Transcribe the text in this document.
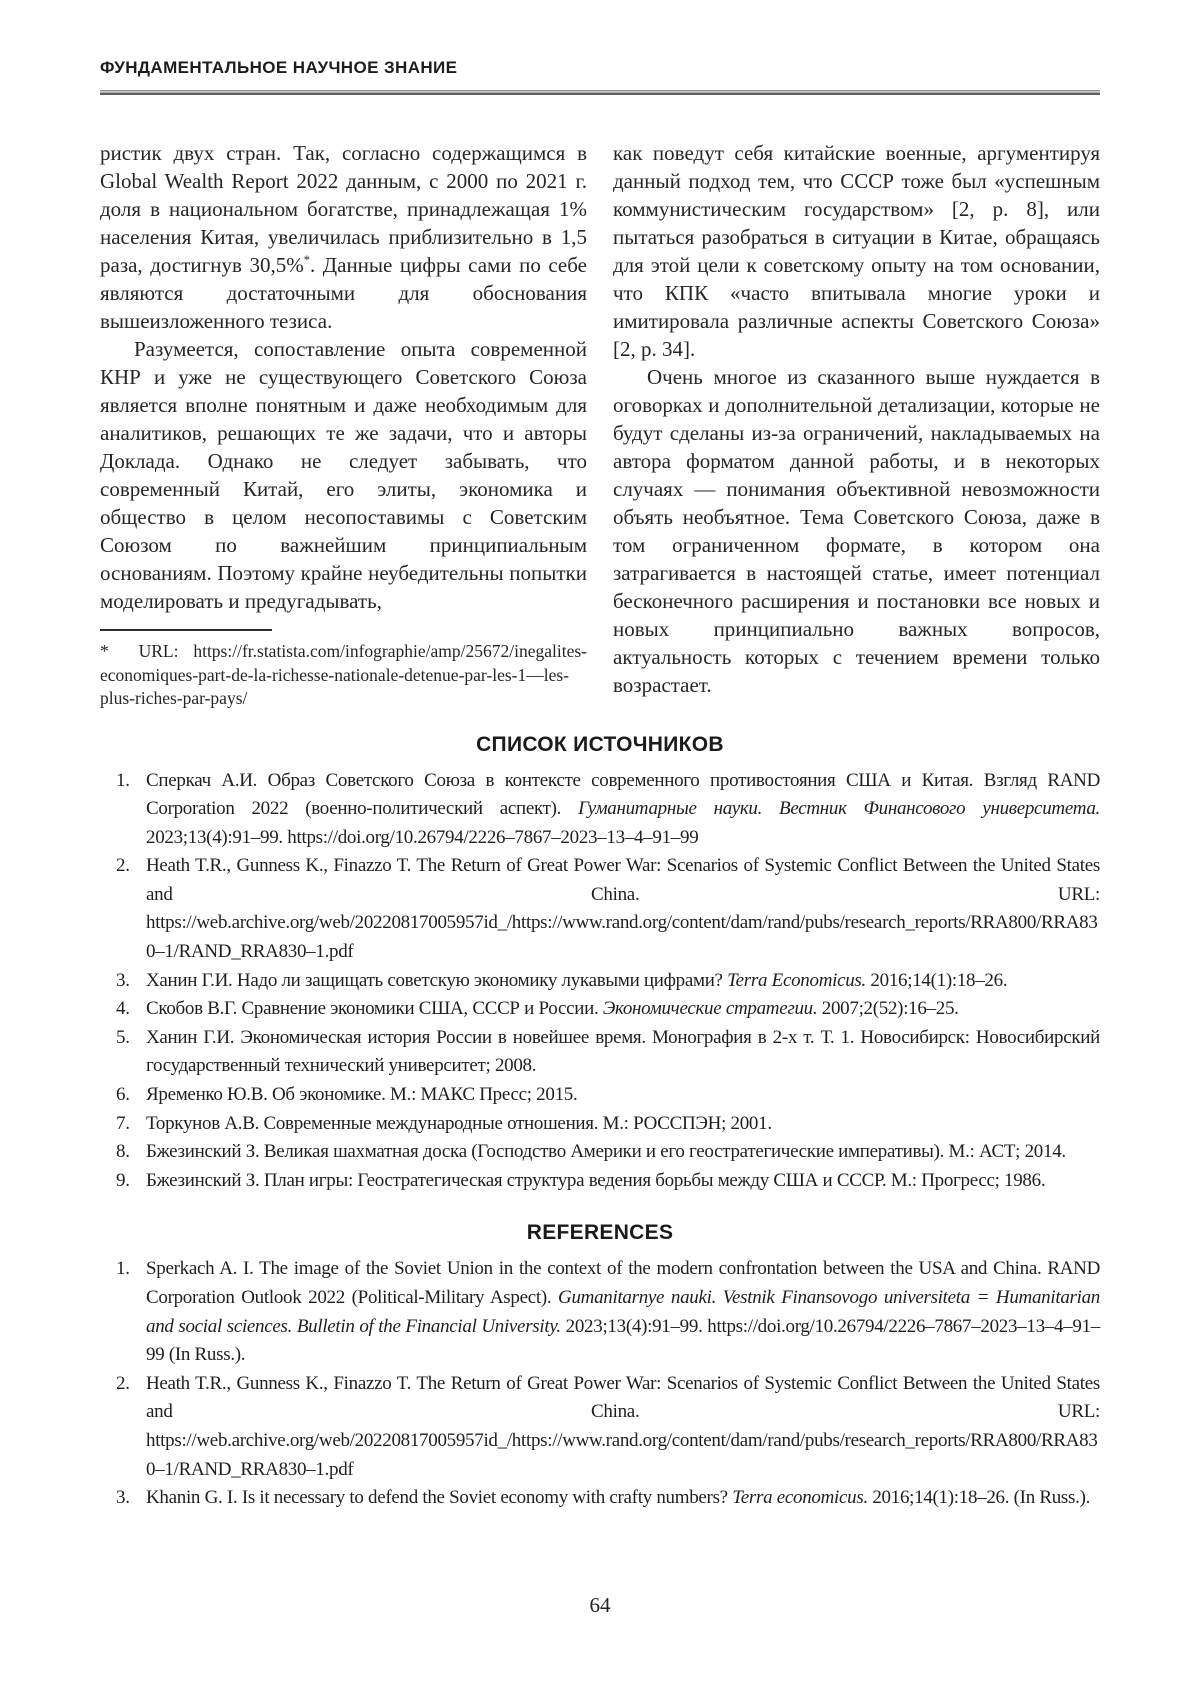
ФУНДАМЕНТАЛЬНОЕ НАУЧНОЕ ЗНАНИЕ

ристик двух стран. Так, согласно содержащимся в Global Wealth Report 2022 данным, с 2000 по 2021 г. доля в национальном богатстве, принадлежащая 1% населения Китая, увеличилась приблизительно в 1,5 раза, достигнув 30,5%*. Данные цифры сами по себе являются достаточными для обоснования вышеизложенного тезиса.

Разумеется, сопоставление опыта современной КНР и уже не существующего Советского Союза является вполне понятным и даже необходимым для аналитиков, решающих те же задачи, что и авторы Доклада. Однако не следует забывать, что современный Китай, его элиты, экономика и общество в целом несопоставимы с Советским Союзом по важнейшим принципиальным основаниям. Поэтому крайне неубедительны попытки моделировать и предугадывать,

* URL: https://fr.statista.com/infographie/amp/25672/inegalites-economiques-part-de-la-richesse-nationale-detenue-par-les-1—les-plus-riches-par-pays/

как поведут себя китайские военные, аргументируя данный подход тем, что СССР тоже был «успешным коммунистическим государством» [2, p. 8], или пытаться разобраться в ситуации в Китае, обращаясь для этой цели к советскому опыту на том основании, что КПК «часто впитывала многие уроки и имитировала различные аспекты Советского Союза» [2, p. 34].

Очень многое из сказанного выше нуждается в оговорках и дополнительной детализации, которые не будут сделаны из-за ограничений, накладываемых на автора форматом данной работы, и в некоторых случаях — понимания объективной невозможности объять необъятное. Тема Советского Союза, даже в том ограниченном формате, в котором она затрагивается в настоящей статье, имеет потенциал бесконечного расширения и постановки все новых и новых принципиально важных вопросов, актуальность которых с течением времени только возрастает.

СПИСОК ИСТОЧНИКОВ
1. Сперкач А.И. Образ Советского Союза в контексте современного противостояния США и Китая. Взгляд RAND Corporation 2022 (военно-политический аспект). Гуманитарные науки. Вестник Финансового университета. 2023;13(4):91–99. https://doi.org/10.26794/2226–7867–2023–13–4–91–99
2. Heath T.R., Gunness K., Finazzo T. The Return of Great Power War: Scenarios of Systemic Conflict Between the United States and China. URL: https://web.archive.org/web/20220817005957id_/https://www.rand.org/content/dam/rand/pubs/research_reports/RRA800/RRA830–1/RAND_RRA830–1.pdf
3. Ханин Г.И. Надо ли защищать советскую экономику лукавыми цифрами? Terra Economicus. 2016;14(1):18–26.
4. Скобов В.Г. Сравнение экономики США, СССР и России. Экономические стратегии. 2007;2(52):16–25.
5. Ханин Г.И. Экономическая история России в новейшее время. Монография в 2-х т. Т. 1. Новосибирск: Новосибирский государственный технический университет; 2008.
6. Яременко Ю.В. Об экономике. М.: МАКС Пресс; 2015.
7. Торкунов А.В. Современные международные отношения. М.: РОССПЭН; 2001.
8. Бжезинский З. Великая шахматная доска (Господство Америки и его геостратегические императивы). М.: АСТ; 2014.
9. Бжезинский З. План игры: Геостратегическая структура ведения борьбы между США и СССР. М.: Прогресс; 1986.
REFERENCES
1. Sperkach A. I. The image of the Soviet Union in the context of the modern confrontation between the USA and China. RAND Corporation Outlook 2022 (Political-Military Aspect). Gumanitarnye nauki. Vestnik Finansovogo universiteta = Humanitarian and social sciences. Bulletin of the Financial University. 2023;13(4):91–99. https://doi.org/10.26794/2226–7867–2023–13–4–91–99 (In Russ.).
2. Heath T.R., Gunness K., Finazzo T. The Return of Great Power War: Scenarios of Systemic Conflict Between the United States and China. URL: https://web.archive.org/web/20220817005957id_/https://www.rand.org/content/dam/rand/pubs/research_reports/RRA800/RRA830–1/RAND_RRA830–1.pdf
3. Khanin G. I. Is it necessary to defend the Soviet economy with crafty numbers? Terra economicus. 2016;14(1):18–26. (In Russ.).
64
